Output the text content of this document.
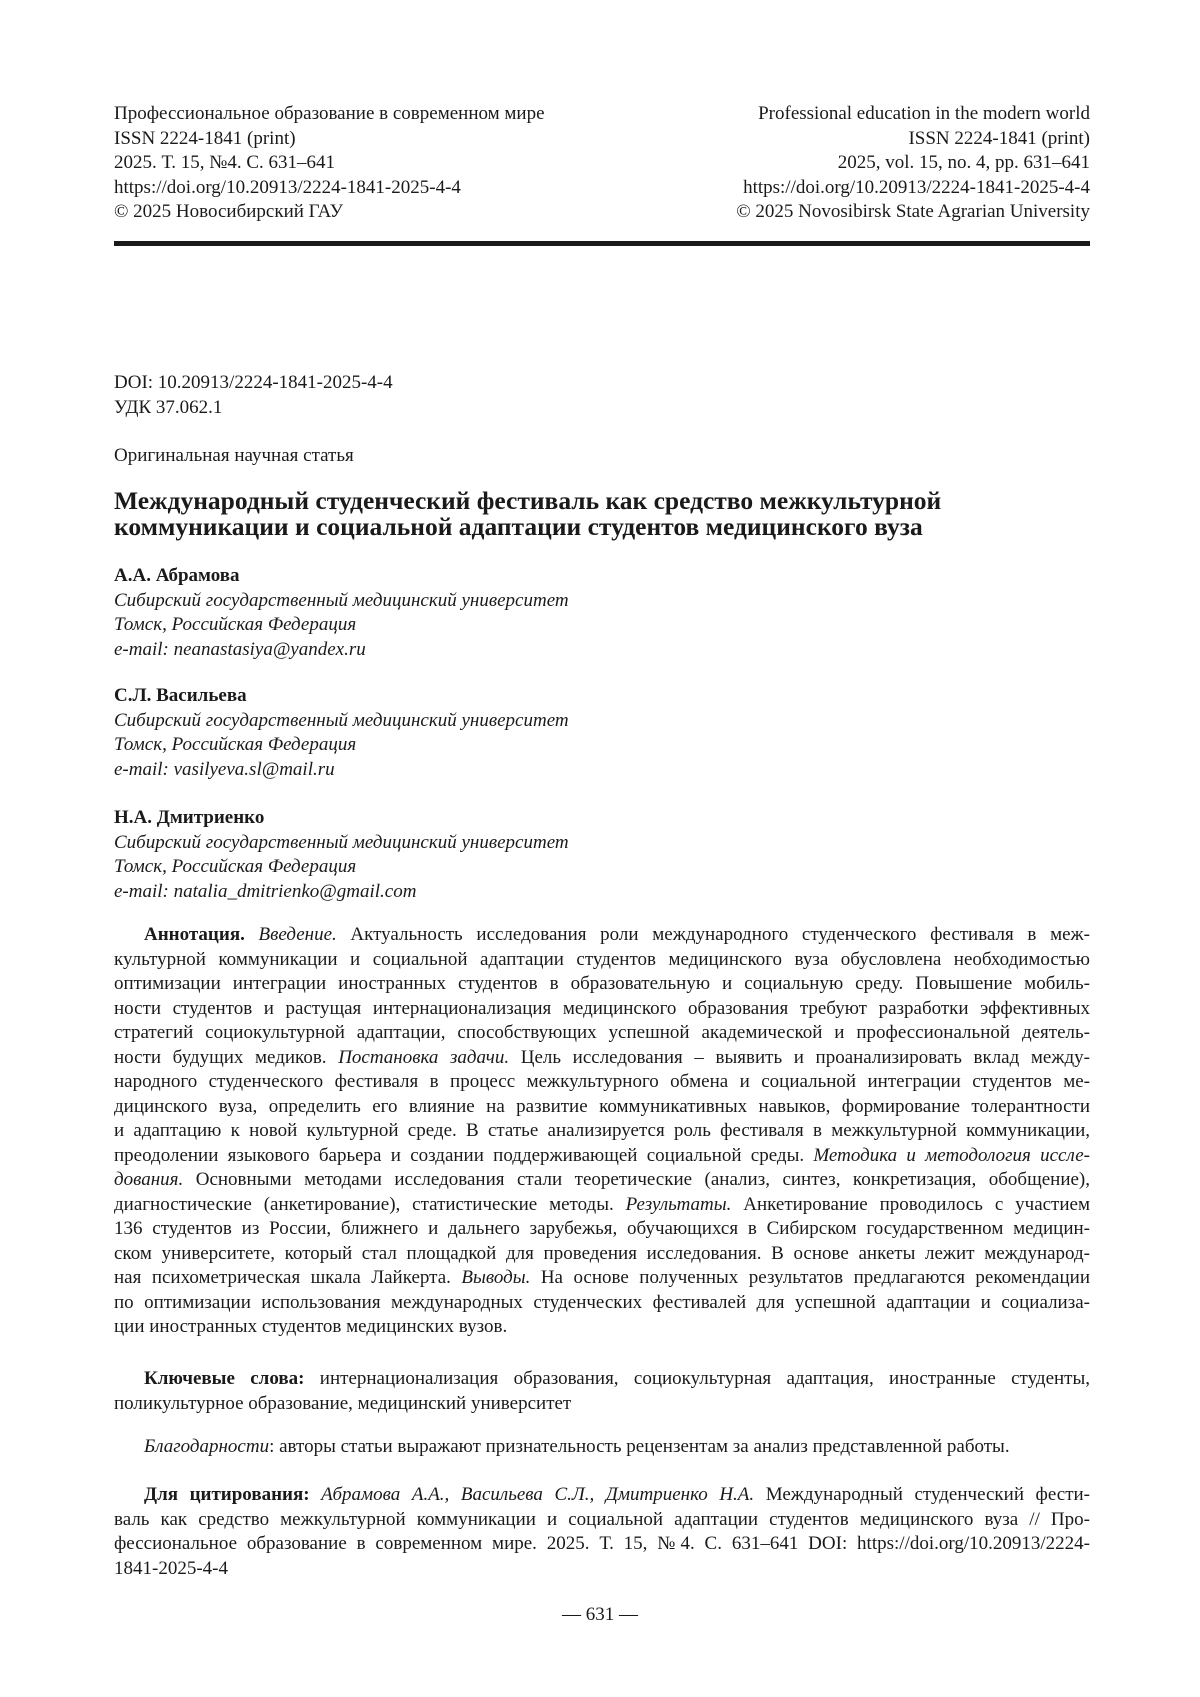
Профессиональное образование в современном мире
ISSN 2224-1841 (print)
2025. Т. 15, №4. С. 631–641
https://doi.org/10.20913/2224-1841-2025-4-4
© 2025 Новосибирский ГАУ
Professional education in the modern world
ISSN 2224-1841 (print)
2025, vol. 15, no. 4, pp. 631–641
https://doi.org/10.20913/2224-1841-2025-4-4
© 2025 Novosibirsk State Agrarian University
DOI: 10.20913/2224-1841-2025-4-4
УДК 37.062.1
Оригинальная научная статья
Международный студенческий фестиваль как средство межкультурной
коммуникации и социальной адаптации студентов медицинского вуза
А.А. Абрамова
Сибирский государственный медицинский университет
Томск, Российская Федерация
e-mail: neanastasiya@yandex.ru
С.Л. Васильева
Сибирский государственный медицинский университет
Томск, Российская Федерация
e-mail: vasilyeva.sl@mail.ru
Н.А. Дмитриенко
Сибирский государственный медицинский университет
Томск, Российская Федерация
e-mail: natalia_dmitrienko@gmail.com
Аннотация. Введение. Актуальность исследования роли международного студенческого фестиваля в меж-
культурной коммуникации и социальной адаптации студентов медицинского вуза обусловлена необходимостью
оптимизации интеграции иностранных студентов в образовательную и социальную среду. Повышение мобиль-
ности студентов и растущая интернационализация медицинского образования требуют разработки эффективных
стратегий социокультурной адаптации, способствующих успешной академической и профессиональной деятель-
ности будущих медиков. Постановка задачи. Цель исследования – выявить и проанализировать вклад между-
народного студенческого фестиваля в процесс межкультурного обмена и социальной интеграции студентов ме-
дицинского вуза, определить его влияние на развитие коммуникативных навыков, формирование толерантности
и адаптацию к новой культурной среде. В статье анализируется роль фестиваля в межкультурной коммуникации,
преодолении языкового барьера и создании поддерживающей социальной среды. Методика и методология иссле-
дования. Основными методами исследования стали теоретические (анализ, синтез, конкретизация, обобщение),
диагностические (анкетирование), статистические методы. Результаты. Анкетирование проводилось с участием
136 студентов из России, ближнего и дальнего зарубежья, обучающихся в Сибирском государственном медицин-
ском университете, который стал площадкой для проведения исследования. В основе анкеты лежит международ-
ная психометрическая шкала Лайкерта. Выводы. На основе полученных результатов предлагаются рекомендации
по оптимизации использования международных студенческих фестивалей для успешной адаптации и социализа-
ции иностранных студентов медицинских вузов.
Ключевые слова: интернационализация образования, социокультурная адаптация, иностранные студенты,
поликультурное образование, медицинский университет
Благодарности: авторы статьи выражают признательность рецензентам за анализ представленной работы.
Для цитирования: Абрамова А.А., Васильева С.Л., Дмитриенко Н.А. Международный студенческий фести-
валь как средство межкультурной коммуникации и социальной адаптации студентов медицинского вуза // Про-
фессиональное образование в современном мире. 2025. Т. 15, №4. С. 631–641 DOI: https://doi.org/10.20913/2224-
1841-2025-4-4
— 631 —
